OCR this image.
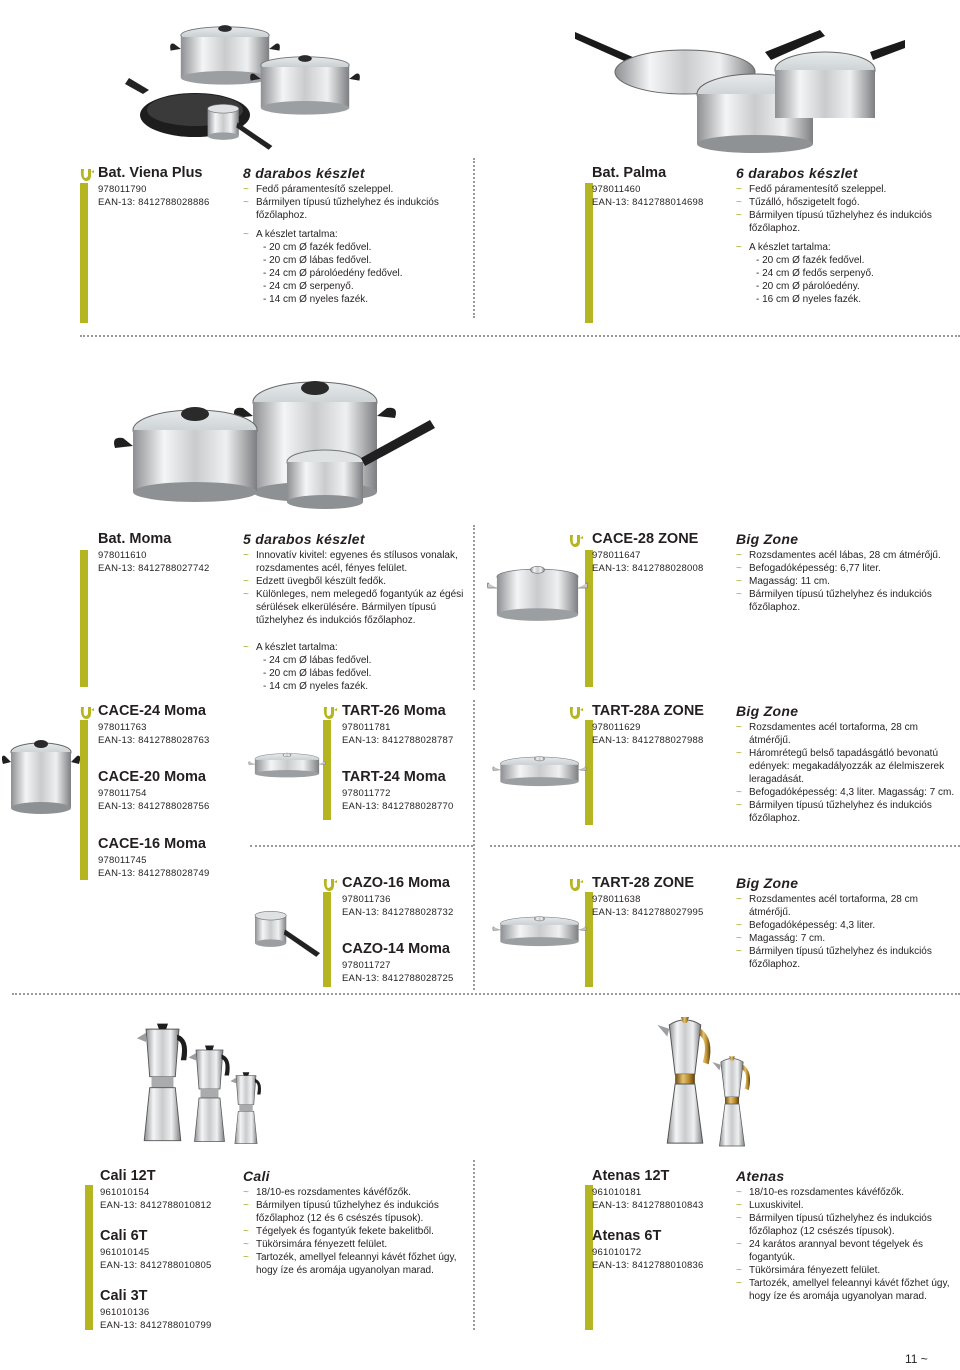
Bat. Viena Plus
978011790
EAN-13: 8412788028886
8 darabos készlet
~ Fedő páramentesítő szeleppel.
~ Bármilyen típusú tűzhelyhez és indukciós főzőlaphoz.
~ A készlet tartalma:
- 20 cm Ø fazék fedővel.
- 20 cm Ø lábas fedővel.
- 24 cm Ø párolóedény fedővel.
- 24 cm Ø serpenyő.
- 14 cm Ø nyeles fazék.
Bat. Palma
978011460
EAN-13: 8412788014698
6 darabos készlet
~ Fedő páramentesítő szeleppel.
~ Tűzálló, hőszigetelt fogó.
~ Bármilyen típusú tűzhelyhez és indukciós főzőlaphoz.
~ A készlet tartalma:
- 20 cm Ø fazék fedővel.
- 24 cm Ø fedős serpenyő.
- 20 cm Ø párolóedény.
- 16 cm Ø nyeles fazék.
Bat. Moma
978011610
EAN-13: 8412788027742
5 darabos készlet
~ Innovatív kivitel: egyenes és stílusos vonalak, rozsdamentes acél, fényes felület.
~ Edzett üvegből készült fedők.
~ Különleges, nem melegedő fogantyúk az égési sérülések elkerülésére. Bármilyen típusú tűzhelyhez és indukciós főzőlaphoz.
~ A készlet tartalma:
- 24 cm Ø lábas fedővel.
- 20 cm Ø lábas fedővel.
- 14 cm Ø nyeles fazék.
CACE-28 ZONE
978011647
EAN-13: 8412788028008
Big Zone
~ Rozsdamentes acél lábas, 28 cm átmérőjű.
~ Befogadóképesség: 6,77 liter.
~ Magasság: 11 cm.
~ Bármilyen típusú tűzhelyhez és indukciós főzőlaphoz.
CACE-24 Moma
978011763
EAN-13: 8412788028763
CACE-20 Moma
978011754
EAN-13: 8412788028756
CACE-16 Moma
978011745
EAN-13: 8412788028749
TART-26 Moma
978011781
EAN-13: 8412788028787
TART-24 Moma
978011772
EAN-13: 8412788028770
CAZO-16 Moma
978011736
EAN-13: 8412788028732
CAZO-14 Moma
978011727
EAN-13: 8412788028725
TART-28A ZONE
978011629
EAN-13: 8412788027988
Big Zone
~ Rozsdamentes acél tortaforma, 28 cm átmérőjű.
~ Háromrétegű belső tapadásgátló bevonatú edények: megakadályozzák az élelmiszerek leragadását.
~ Befogadóképesség: 4,3 liter. Magasság: 7 cm.
~ Bármilyen típusú tűzhelyhez és indukciós főzőlaphoz.
TART-28 ZONE
978011638
EAN-13: 8412788027995
Big Zone
~ Rozsdamentes acél tortaforma, 28 cm átmérőjű.
~ Befogadóképesség: 4,3 liter.
~ Magasság: 7 cm.
~ Bármilyen típusú tűzhelyhez és indukciós főzőlaphoz.
Cali 12T
961010154
EAN-13: 8412788010812
Cali 6T
961010145
EAN-13: 8412788010805
Cali 3T
961010136
EAN-13: 8412788010799
Cali
~ 18/10-es rozsdamentes kávéfőzők.
~ Bármilyen típusú tűzhelyhez és indukciós főzőlaphoz (12 és 6 csészés típusok).
~ Tégelyek és fogantyúk fekete bakelitből.
~ Tükörsimára fényezett felület.
~ Tartozék, amellyel feleannyi kávét főzhet úgy, hogy íze és aromája ugyanolyan marad.
Atenas 12T
961010181
EAN-13: 8412788010843
Atenas 6T
961010172
EAN-13: 8412788010836
Atenas
~ 18/10-es rozsdamentes kávéfőzők.
~ Luxuskivitel.
~ Bármilyen típusú tűzhelyhez és indukciós főzőlaphoz (12 csészés típusok).
~ 24 karátos arannyal bevont tégelyek és fogantyúk.
~ Tükörsimára fényezett felület.
~ Tartozék, amellyel feleannyi kávét főzhet úgy, hogy íze és aromája ugyanolyan marad.
11 ~
